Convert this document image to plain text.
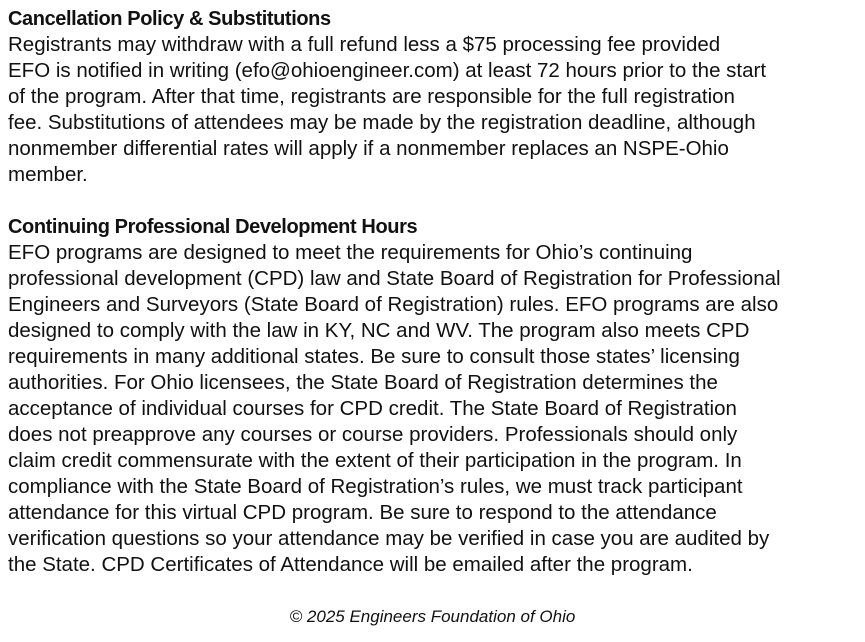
Cancellation Policy & Substitutions
Registrants may withdraw with a full refund less a $75 processing fee provided
EFO is notified in writing (efo@ohioengineer.com) at least 72 hours prior to the start
of the program. After that time, registrants are responsible for the full registration
fee. Substitutions of attendees may be made by the registration deadline, although
nonmember differential rates will apply if a nonmember replaces an NSPE-Ohio
member.
Continuing Professional Development Hours
EFO programs are designed to meet the requirements for Ohio’s continuing
professional development (CPD) law and State Board of Registration for Professional
Engineers and Surveyors (State Board of Registration) rules. EFO programs are also
designed to comply with the law in KY, NC and WV. The program also meets CPD
requirements in many additional states. Be sure to consult those states’ licensing
authorities. For Ohio licensees, the State Board of Registration determines the
acceptance of individual courses for CPD credit. The State Board of Registration
does not preapprove any courses or course providers. Professionals should only
claim credit commensurate with the extent of their participation in the program. In
compliance with the State Board of Registration’s rules, we must track participant
attendance for this virtual CPD program. Be sure to respond to the attendance
verification questions so your attendance may be verified in case you are audited by
the State. CPD Certificates of Attendance will be emailed after the program.
© 2025 Engineers Foundation of Ohio
